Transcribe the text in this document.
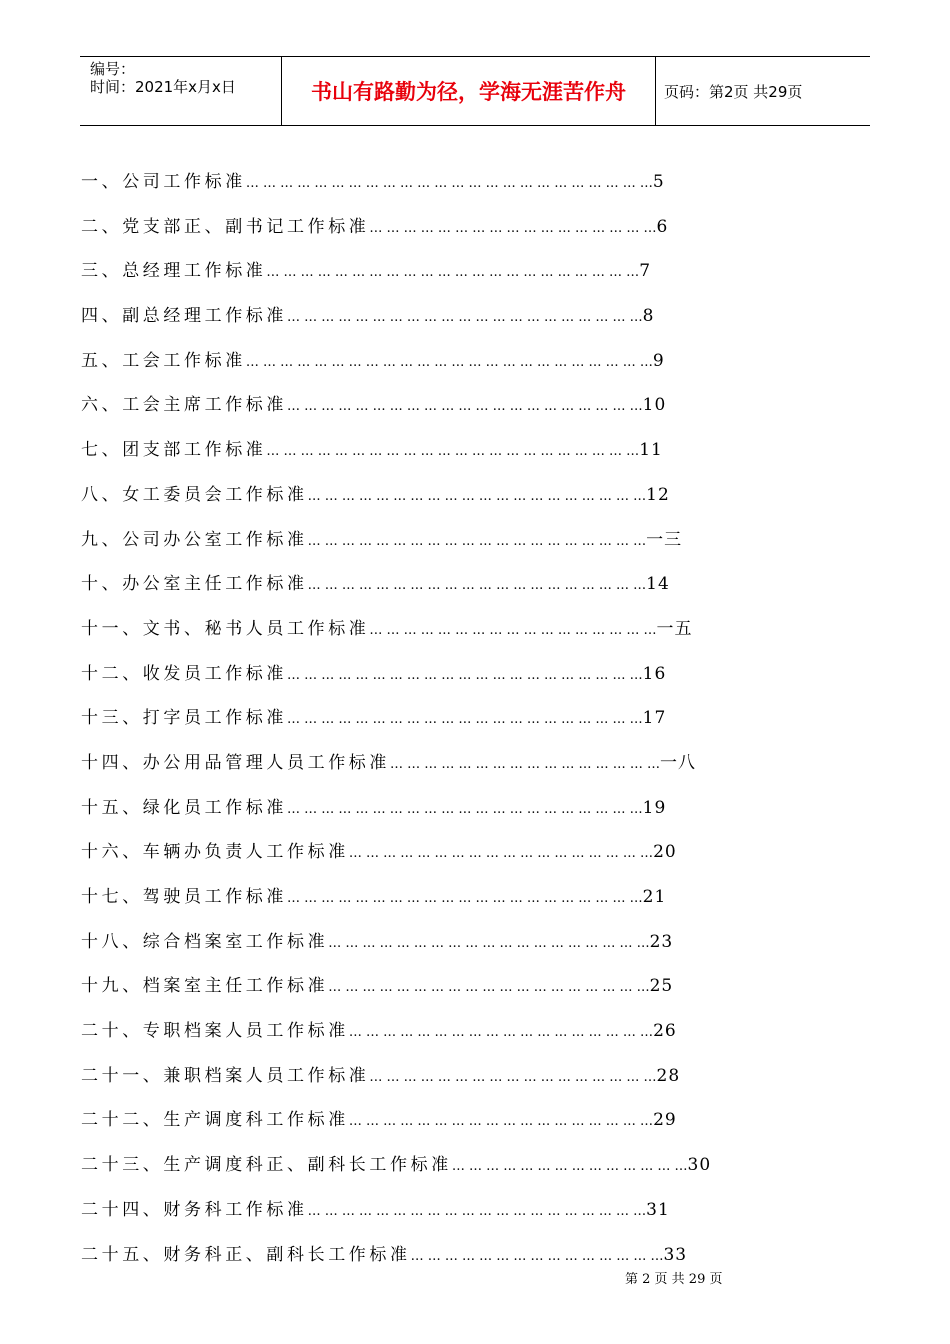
编号：
时间：2021年x月x日	书山有路勤为径，学海无涯苦作舟	页码：第2页 共29页
一、公司工作标准… … … … … … … … … … … … … … … … … … … … … … … …5
二、党支部正、副书记工作标准… … … … … … … … … … … … … … … … …6
三、总经理工作标准… … … … … … … … … … … … … … … … … … … … … …7
四、副总经理工作标准… … … … … … … … … … … … … … … … … … … … …8
五、工会工作标准… … … … … … … … … … … … … … … … … … … … … … … …9
六、工会主席工作标准… … … … … … … … … … … … … … … … … … … … …10
七、团支部工作标准… … … … … … … … … … … … … … … … … … … … … …11
八、女工委员会工作标准… … … … … … … … … … … … … … … … … … … …12
九、公司办公室工作标准… … … … … … … … … … … … … … … … … … … …一三
十、办公室主任工作标准… … … … … … … … … … … … … … … … … … … …14
十一、文书、秘书人员工作标准… … … … … … … … … … … … … … … … …一五
十二、收发员工作标准… … … … … … … … … … … … … … … … … … … … …16
十三、打字员工作标准… … … … … … … … … … … … … … … … … … … … …17
十四、办公用品管理人员工作标准… … … … … … … … … … … … … … … …一八
十五、绿化员工作标准… … … … … … … … … … … … … … … … … … … … …19
十六、车辆办负责人工作标准… … … … … … … … … … … … … … … … … …20
十七、驾驶员工作标准… … … … … … … … … … … … … … … … … … … … …21
十八、综合档案室工作标准… … … … … … … … … … … … … … … … … … …23
十九、档案室主任工作标准… … … … … … … … … … … … … … … … … … …25
二十、专职档案人员工作标准… … … … … … … … … … … … … … … … … …26
二十一、兼职档案人员工作标准… … … … … … … … … … … … … … … … …28
二十二、生产调度科工作标准… … … … … … … … … … … … … … … … … …29
二十三、生产调度科正、副科长工作标准… … … … … … … … … … … … … …30
二十四、财务科工作标准… … … … … … … … … … … … … … … … … … … …31
二十五、财务科正、副科长工作标准… … … … … … … … … … … … … … …33
第 2 页 共 29 页
